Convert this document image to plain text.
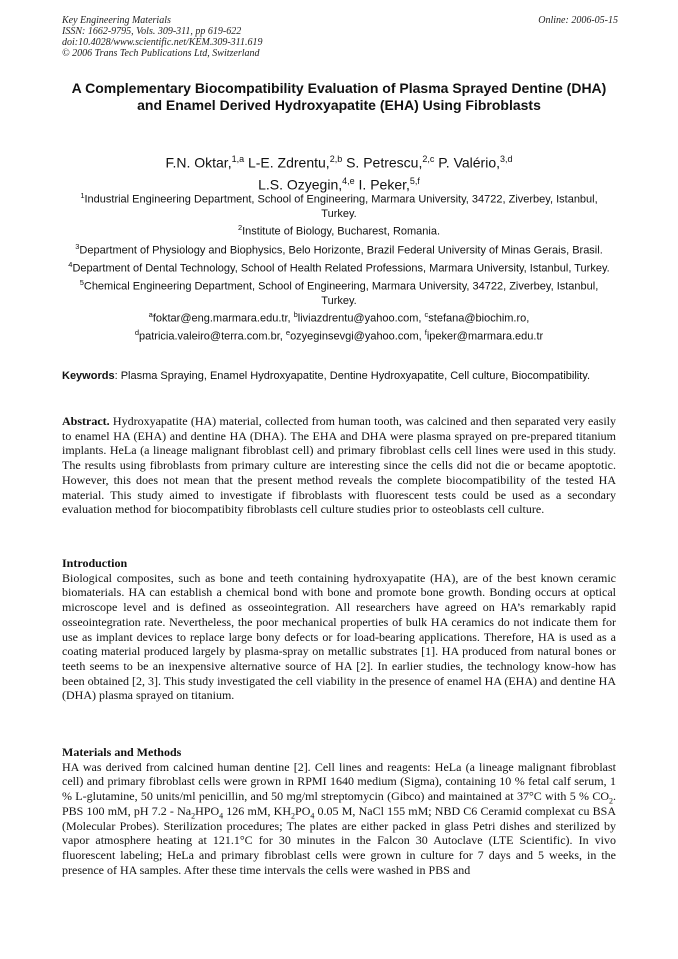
Key Engineering Materials
ISSN: 1662-9795, Vols. 309-311, pp 619-622
doi:10.4028/www.scientific.net/KEM.309-311.619
© 2006 Trans Tech Publications Ltd, Switzerland
Online: 2006-05-15
A Complementary Biocompatibility Evaluation of Plasma Sprayed Dentine (DHA) and Enamel Derived Hydroxyapatite (EHA) Using Fibroblasts
F.N. Oktar,$^{1,a}$ L-E. Zdrentu,$^{2,b}$ S. Petrescu,$^{2,c}$ P. Valério,$^{3,d}$
L.S. Ozyegin,$^{4,e}$ I. Peker,$^{5,f}$
$^1$Industrial Engineering Department, School of Engineering, Marmara University, 34722, Ziverbey, Istanbul, Turkey.
$^2$Institute of Biology, Bucharest, Romania.
$^3$Department of Physiology and Biophysics, Belo Horizonte, Brazil Federal University of Minas Gerais, Brasil.
$^4$Department of Dental Technology, School of Health Related Professions, Marmara University, Istanbul, Turkey.
$^5$Chemical Engineering Department, School of Engineering, Marmara University, 34722, Ziverbey, Istanbul, Turkey.
$^a$foktar@eng.marmara.edu.tr, $^b$liviazdrentu@yahoo.com, $^c$stefana@biochim.ro,
$^d$patricia.valeiro@terra.com.br, $^e$ozyeginsevgi@yahoo.com, $^f$ipeker@marmara.edu.tr
Keywords: Plasma Spraying, Enamel Hydroxyapatite, Dentine Hydroxyapatite, Cell culture, Biocompatibility.
Abstract. Hydroxyapatite (HA) material, collected from human tooth, was calcined and then separated very easily to enamel HA (EHA) and dentine HA (DHA). The EHA and DHA were plasma sprayed on pre-prepared titanium implants. HeLa (a lineage malignant fibroblast cell) and primary fibroblast cells cell lines were used in this study. The results using fibroblasts from primary culture are interesting since the cells did not die or became apoptotic. However, this does not mean that the present method reveals the complete biocompatibility of the tested HA material. This study aimed to investigate if fibroblasts with fluorescent tests could be used as a secondary evaluation method for biocompatibity fibroblasts cell culture studies prior to osteoblasts cell culture.
Introduction

Biological composites, such as bone and teeth containing hydroxyapatite (HA), are of the best known ceramic biomaterials. HA can establish a chemical bond with bone and promote bone growth. Bonding occurs at optical microscope level and is defined as osseointegration. All researchers have agreed on HA’s remarkably rapid osseointegration rate. Nevertheless, the poor mechanical properties of bulk HA ceramics do not indicate them for use as implant devices to replace large bony defects or for load-bearing applications. Therefore, HA is used as a coating material produced largely by plasma-spray on metallic substrates [1]. HA produced from natural bones or teeth seems to be an inexpensive alternative source of HA [2]. In earlier studies, the technology know-how has been obtained [2, 3]. This study investigated the cell viability in the presence of enamel HA (EHA) and dentine HA (DHA) plasma sprayed on titanium.

Materials and Methods

HA was derived from calcined human dentine [2]. Cell lines and reagents: HeLa (a lineage malignant fibroblast cell) and primary fibroblast cells were grown in RPMI 1640 medium (Sigma), containing 10 % fetal calf serum, 1 % L-glutamine, 50 units/ml penicillin, and 50 mg/ml streptomycin (Gibco) and maintained at 37°C with 5 % $CO_2$. PBS 100 mM, pH $7.2 - Na_2HPO_4$ 126 mM, $KH_2PO_4$ 0.05 M, NaCl 155 mM; NBD C6 Ceramid complexat cu BSA (Molecular Probes). Sterilization procedures; The plates are either packed in glass Petri dishes and sterilized by vapor atmosphere heating at 121.1°C for 30 minutes in the Falcon 30 Autoclave (LTE Scientific). In vivo fluorescent labeling; HeLa and primary fibroblast cells were grown in culture for 7 days and 5 weeks, in the presence of HA samples. After these time intervals the cells were washed in PBS and
